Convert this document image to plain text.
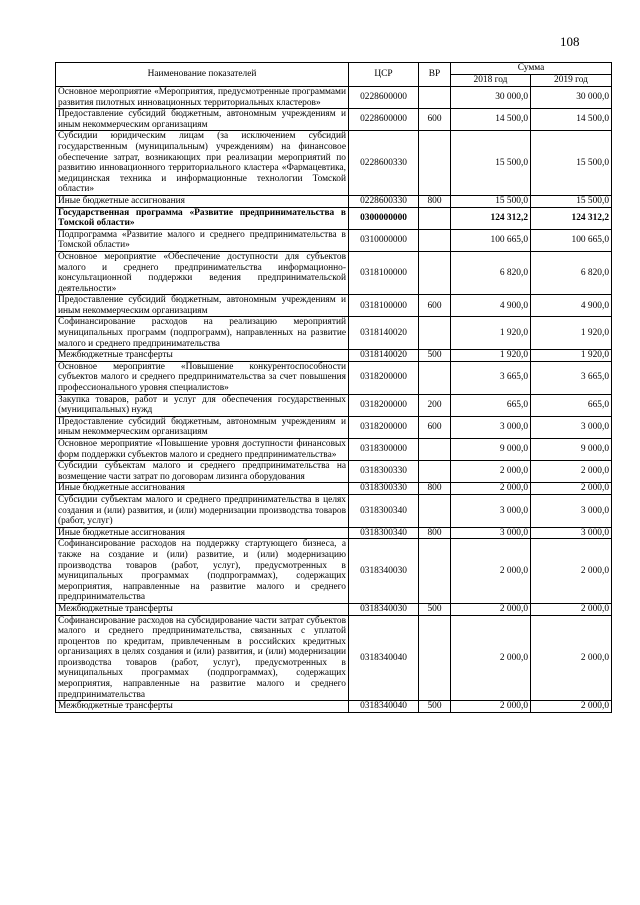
108
Наименование показателей	ЦСР	ВР	Сумма	
			2018 год	2019 год
Основное мероприятие «Мероприятия, предусмотренные программами развития пилотных инновационных территориальных кластеров»	0228600000		30 000,0	30 000,0
Предоставление субсидий бюджетным, автономным учреждениям и иным некоммерческим организациям	0228600000	600	14 500,0	14 500,0
Субсидии юридическим лицам (за исключением субсидий государственным (муниципальным) учреждениям) на финансовое обеспечение затрат, возникающих при реализации мероприятий по развитию инновационного территориального кластера «Фармацевтика, медицинская техника и информационные технологии Томской области»	0228600330		15 500,0	15 500,0
Иные бюджетные ассигнования	0228600330	800	15 500,0	15 500,0
Государственная программа «Развитие предпринимательства в Томской области»	0300000000		124 312,2	124 312,2
Подпрограмма «Развитие малого и среднего предпринимательства в Томской области»	0310000000		100 665,0	100 665,0
Основное мероприятие «Обеспечение доступности для субъектов малого и среднего предпринимательства информационно-консультационной поддержки ведения предпринимательской деятельности»	0318100000		6 820,0	6 820,0
Предоставление субсидий бюджетным, автономным учреждениям и иным некоммерческим организациям	0318100000	600	4 900,0	4 900,0
Софинансирование расходов на реализацию мероприятий муниципальных программ (подпрограмм), направленных на развитие малого и среднего предпринимательства	0318140020		1 920,0	1 920,0
Межбюджетные трансферты	0318140020	500	1 920,0	1 920,0
Основное мероприятие «Повышение конкурентоспособности субъектов малого и среднего предпринимательства за счет повышения профессионального уровня специалистов»	0318200000		3 665,0	3 665,0
Закупка товаров, работ и услуг для обеспечения государственных (муниципальных) нужд	0318200000	200	665,0	665,0
Предоставление субсидий бюджетным, автономным учреждениям и иным некоммерческим организациям	0318200000	600	3 000,0	3 000,0
Основное мероприятие «Повышение уровня доступности финансовых форм поддержки субъектов малого и среднего предпринимательства»	0318300000		9 000,0	9 000,0
Субсидии субъектам малого и среднего предпринимательства на возмещение части затрат по договорам лизинга оборудования	0318300330		2 000,0	2 000,0
Иные бюджетные ассигнования	0318300330	800	2 000,0	2 000,0
Субсидии субъектам малого и среднего предпринимательства в целях создания и (или) развития, и (или) модернизации производства товаров (работ, услуг)	0318300340		3 000,0	3 000,0
Иные бюджетные ассигнования	0318300340	800	3 000,0	3 000,0
Софинансирование расходов на поддержку стартующего бизнеса, а также на создание и (или) развитие, и (или) модернизацию производства товаров (работ, услуг), предусмотренных в муниципальных программах (подпрограммах), содержащих мероприятия, направленные на развитие малого и среднего предпринимательства	0318340030		2 000,0	2 000,0
Межбюджетные трансферты	0318340030	500	2 000,0	2 000,0
Софинансирование расходов на субсидирование части затрат субъектов малого и среднего предпринимательства, связанных с уплатой процентов по кредитам, привлеченным в российских кредитных организациях в целях создания и (или) развития, и (или) модернизации производства товаров (работ, услуг), предусмотренных в муниципальных программах (подпрограммах), содержащих мероприятия, направленные на развитие малого и среднего предпринимательства	0318340040		2 000,0	2 000,0
Межбюджетные трансферты	0318340040	500	2 000,0	2 000,0
